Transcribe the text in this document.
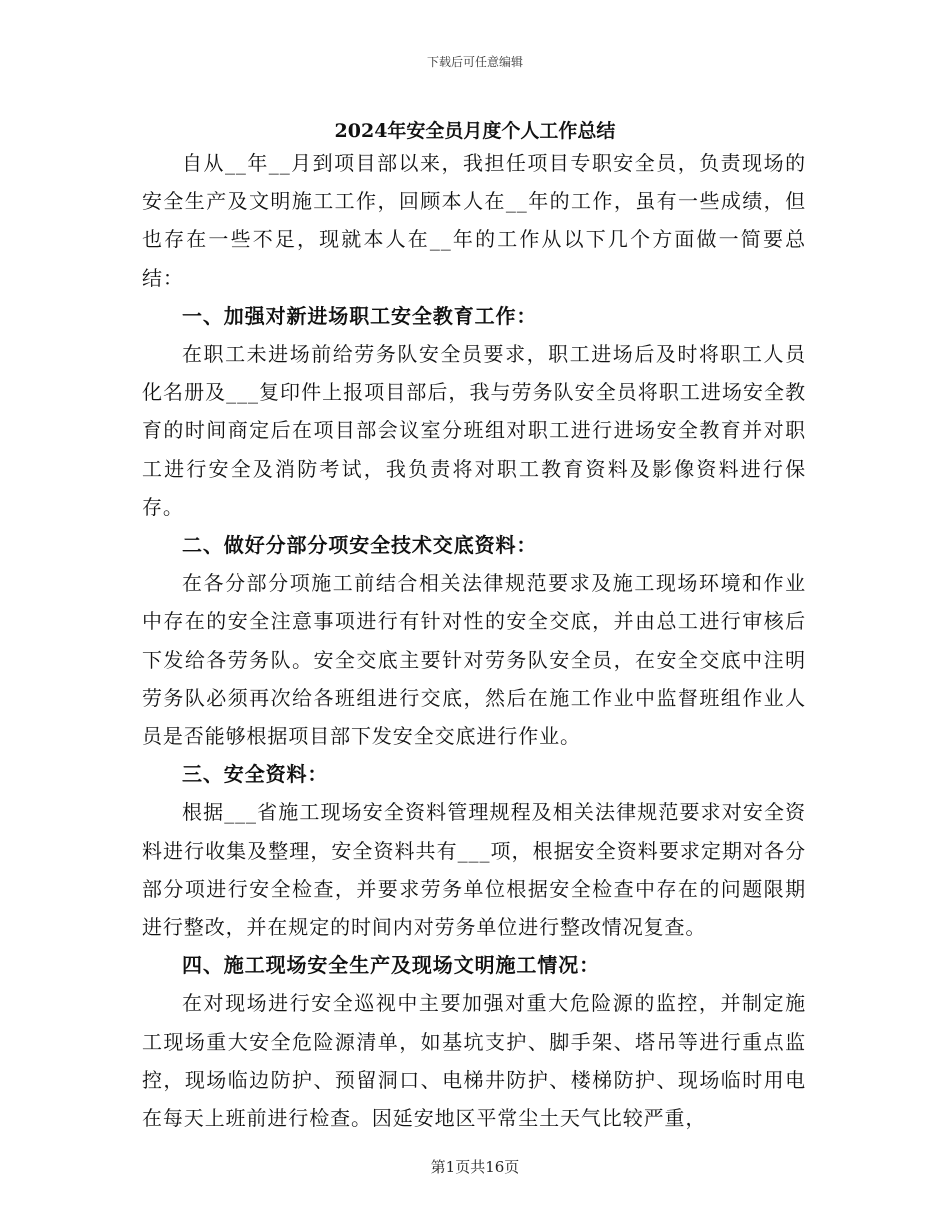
下载后可任意编辑
2024年安全员月度个人工作总结

自从__年__月到项目部以来，我担任项目专职安全员，负责现场的安全生产及文明施工工作，回顾本人在__年的工作，虽有一些成绩，但也存在一些不足，现就本人在__年的工作从以下几个方面做一简要总结：

一、加强对新进场职工安全教育工作：

在职工未进场前给劳务队安全员要求，职工进场后及时将职工人员化名册及___复印件上报项目部后，我与劳务队安全员将职工进场安全教育的时间商定后在项目部会议室分班组对职工进行进场安全教育并对职工进行安全及消防考试，我负责将对职工教育资料及影像资料进行保存。

二、做好分部分项安全技术交底资料：

在各分部分项施工前结合相关法律规范要求及施工现场环境和作业中存在的安全注意事项进行有针对性的安全交底，并由总工进行审核后下发给各劳务队。安全交底主要针对劳务队安全员，在安全交底中注明劳务队必须再次给各班组进行交底，然后在施工作业中监督班组作业人员是否能够根据项目部下发安全交底进行作业。

三、安全资料：

根据___省施工现场安全资料管理规程及相关法律规范要求对安全资料进行收集及整理，安全资料共有___项，根据安全资料要求定期对各分部分项进行安全检查，并要求劳务单位根据安全检查中存在的问题限期进行整改，并在规定的时间内对劳务单位进行整改情况复查。

四、施工现场安全生产及现场文明施工情况：

在对现场进行安全巡视中主要加强对重大危险源的监控，并制定施工现场重大安全危险源清单，如基坑支护、脚手架、塔吊等进行重点监控，现场临边防护、预留洞口、电梯井防护、楼梯防护、现场临时用电在每天上班前进行检查。因延安地区平常尘土天气比较严重，

第1页共16页
